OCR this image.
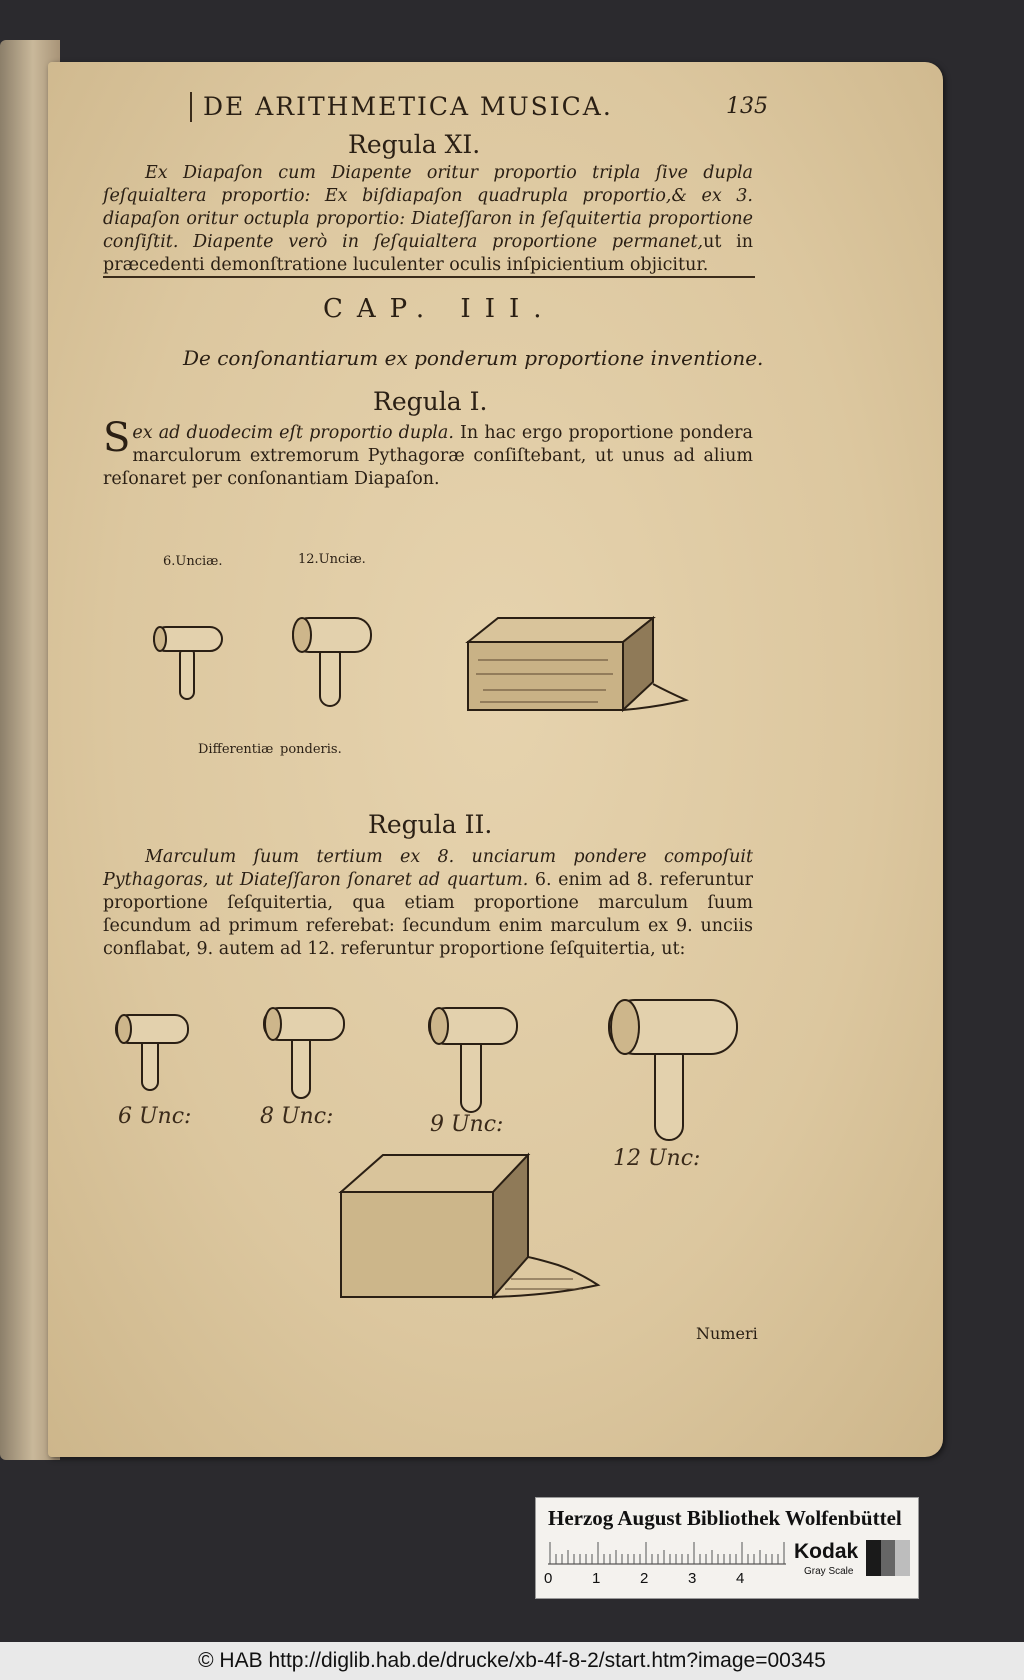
DE ARITHMETICA MUSICA.	135
Regula XI.
Ex Diapaſon cum Diapente oritur proportio tripla ſive dupla ſeſquialtera proportio: Ex biſdiapaſon quadrupla proportio,& ex 3. diapaſon oritur octupla proportio: Diateſſaron in ſeſquitertia proportione conſiſtit. Diapente verò in ſeſquialtera proportione permanet,ut in præcedenti demonſtratione luculenter oculis inſpicientium objicitur.
CAP. III.
De conſonantiarum ex ponderum proportione inventione.
Regula I.
Sex ad duodecim eſt proportio dupla. In hac ergo proportione pondera marculorum extremorum Pythagoræ conſiſtebant, ut unus ad alium reſonaret per conſonantiam Diapaſon.
6.Unciæ.	12.Unciæ.
Differentiæ ponderis.
Regula II.
Marculum ſuum tertium ex 8. unciarum pondere compoſuit Pythagoras, ut Diateſſaron ſonaret ad quartum. 6. enim ad 8. referuntur proportione ſeſquitertia, qua etiam proportione marculum ſuum ſecundum ad primum referebat: ſecundum enim marculum ex 9. unciis conflabat, 9. autem ad 12. referuntur proportione ſeſquitertia, ut:
6 Unc:	8 Unc:	9 Unc:
12 Unc:
Numeri
Herzog August Bibliothek Wolfenbüttel
0	1	2	3	4
Kodak
Gray Scale
© HAB http://diglib.hab.de/drucke/xb-4f-8-2/start.htm?image=00345
